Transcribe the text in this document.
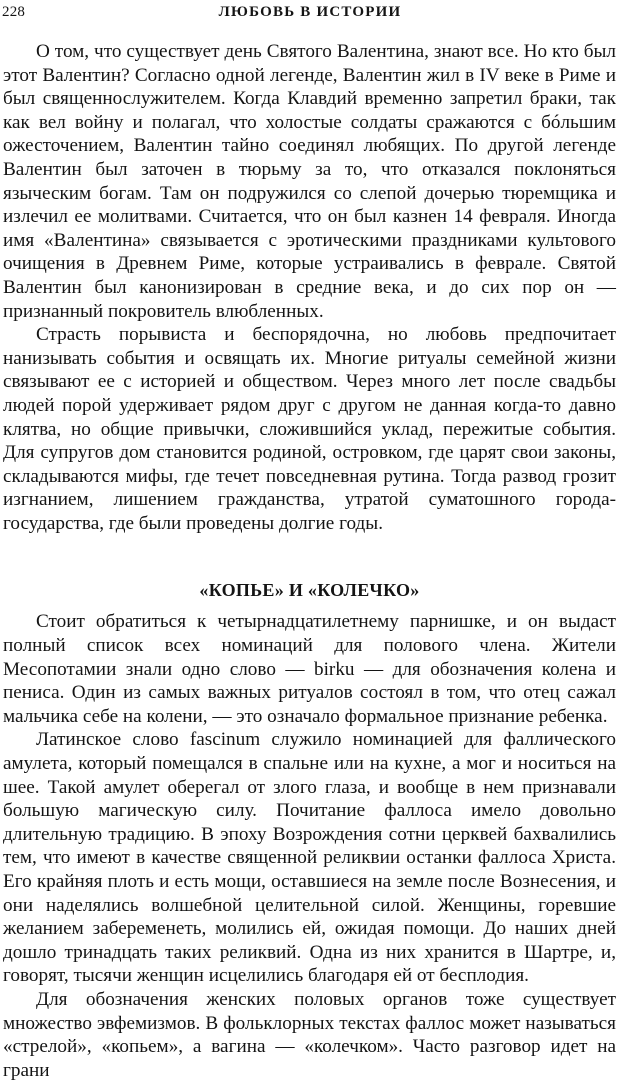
228	ЛЮБОВЬ В ИСТОРИИ

О том, что существует день Святого Валентина, знают все. Но кто был этот Валентин? Согласно одной легенде, Валентин жил в IV веке в Риме и был священнослужителем. Когда Клавдий временно запретил браки, так как вел войну и полагал, что холостые солдаты сражаются с бóльшим ожесточением, Валентин тайно соединял любящих. По другой легенде Валентин был заточен в тюрьму за то, что отказался поклоняться языческим богам. Там он подружился со слепой дочерью тюремщика и излечил ее молитвами. Считается, что он был казнен 14 февраля. Иногда имя «Валентина» связывается с эротическими праздниками культового очищения в Древнем Риме, которые устраивались в феврале. Святой Валентин был канонизирован в средние века, и до сих пор он — признанный покровитель влюбленных.

Страсть порывиста и беспорядочна, но любовь предпочитает нанизывать события и освящать их. Многие ритуалы семейной жизни связывают ее с историей и обществом. Через много лет после свадьбы людей порой удерживает рядом друг с другом не данная когда-то давно клятва, но общие привычки, сложившийся уклад, пережитые события. Для супругов дом становится родиной, островком, где царят свои законы, складываются мифы, где течет повседневная рутина. Тогда развод грозит изгнанием, лишением гражданства, утратой суматошного города-государства, где были проведены долгие годы.

«КОПЬЕ» И «КОЛЕЧКО»

Стоит обратиться к четырнадцатилетнему парнишке, и он выдаст полный список всех номинаций для полового члена. Жители Месопотамии знали одно слово — birku — для обозначения колена и пениса. Один из самых важных ритуалов состоял в том, что отец сажал мальчика себе на колени, — это означало формальное признание ребенка.

Латинское слово fascinum служило номинацией для фаллического амулета, который помещался в спальне или на кухне, а мог и носиться на шее. Такой амулет оберегал от злого глаза, и вообще в нем признавали большую магическую силу. Почитание фаллоса имело довольно длительную традицию. В эпоху Возрождения сотни церквей бахвалились тем, что имеют в качестве священной реликвии останки фаллоса Христа. Его крайняя плоть и есть мощи, оставшиеся на земле после Вознесения, и они наделялись волшебной целительной силой. Женщины, горевшие желанием забеременеть, молились ей, ожидая помощи. До наших дней дошло тринадцать таких реликвий. Одна из них хранится в Шартре, и, говорят, тысячи женщин исцелились благодаря ей от бесплодия.

Для обозначения женских половых органов тоже существует множество эвфемизмов. В фольклорных текстах фаллос может называться «стрелой», «копьем», а вагина — «колечком». Часто разговор идет на грани
